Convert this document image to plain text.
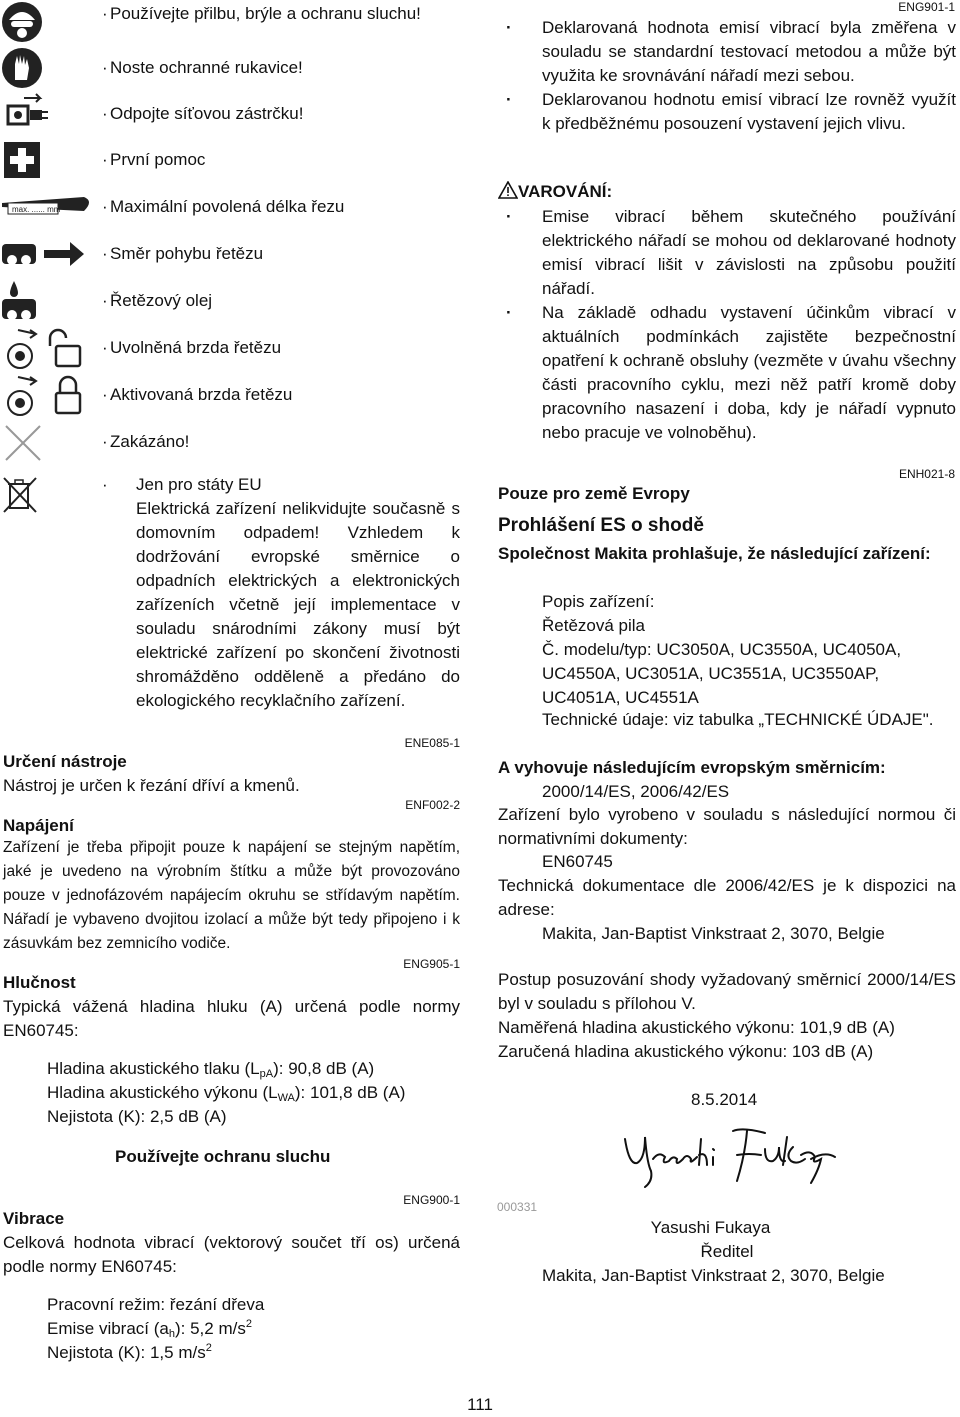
· Používejte přilbu, brýle a ochranu sluchu!
· Noste ochranné rukavice!
· Odpojte síťovou zástrčku!
· První pomoc
max. ...... mm
·	Maximální povolená délka řezu
· Směr pohybu řetězu
· Řetězový olej
· Uvolněná brzda řetězu
· Aktivovaná brzda řetězu
· Zakázáno!
· Jen pro státy EU
Elektrická zařízení nelikvidujte současně s domovním odpadem! Vzhledem k dodržování evropské směrnice o odpadních elektrických a elektronických zařízeních včetně její implementace v souladu snárodními zákony musí být elektrické zařízení po skončení životnosti shromážděno odděleně a předáno do ekologického recyklačního zařízení.
ENE085-1
Určení nástroje
Nástroj je určen k řezání dříví a kmenů.
ENF002-2
Napájení
Zařízení je třeba připojit pouze k napájení se stejným napětím, jaké je uvedeno na výrobním štítku a může být provozováno pouze v jednofázovém napájecím okruhu se střídavým napětím. Nářadí je vybaveno dvojitou izolací a může být tedy připojeno i k zásuvkám bez zemnicího vodiče.
ENG905-1
Hlučnost
Typická vážená hladina hluku (A) určená podle normy EN60745:
Hladina akustického tlaku $(L_{pA})$: 90,8 dB (A)
Hladina akustického výkonu $(L_{WA})$: 101,8 dB (A)
Nejistota (K): 2,5 dB (A)
Používejte ochranu sluchu
ENG900-1
Vibrace
Celková hodnota vibrací (vektorový součet tří os) určená podle normy EN60745:
Pracovní režim: řezání dřeva
Emise vibrací $(a_h)$: 5,2 $m/s^2$
Nejistota (K): 1,5 $m/s^2$
ENG901-1
· Deklarovaná hodnota emisí vibrací byla změřena v souladu se standardní testovací metodou a může být využita ke srovnávání nářadí mezi sebou.
· Deklarovanou hodnotu emisí vibrací lze rovněž využít k předběžnému posouzení vystavení jejich vlivu.
VAROVÁNÍ:
· Emise vibrací během skutečného používání elektrického nářadí se mohou od deklarované hodnoty emisí vibrací lišit v závislosti na způsobu použití nářadí.
· Na základě odhadu vystavení účinkům vibrací v aktuálních podmínkách zajistěte bezpečnostní opatření k ochraně obsluhy (vezměte v úvahu všechny části pracovního cyklu, mezi něž patří kromě doby pracovního nasazení i doba, kdy je nářadí vypnuto nebo pracuje ve volnoběhu).
ENH021-8
Pouze pro země Evropy
Prohlášení ES o shodě
Společnost Makita prohlašuje, že následující zařízení:
Popis zařízení:
Řetězová pila
Č. modelu/typ: UC3050A, UC3550A, UC4050A, UC4550A, UC3051A, UC3551A, UC3550AP, UC4051A, UC4551A
Technické údaje: viz tabulka „TECHNICKÉ ÚDAJE".
A vyhovuje následujícím evropským směrnicím:
2000/14/ES, 2006/42/ES
Zařízení bylo vyrobeno v souladu s následující normou či normativními dokumenty:
EN60745
Technická dokumentace dle 2006/42/ES je k dispozici na adrese:
Makita, Jan-Baptist Vinkstraat 2, 3070, Belgie
Postup posuzování shody vyžadovaný směrnicí 2000/14/ES byl v souladu s přílohou V.
Naměřená hladina akustického výkonu: 101,9 dB (A)
Zaručená hladina akustického výkonu: 103 dB (A)
8.5.2014
000331
Yasushi Fukaya
Ředitel
Makita, Jan-Baptist Vinkstraat 2, 3070, Belgie
111
